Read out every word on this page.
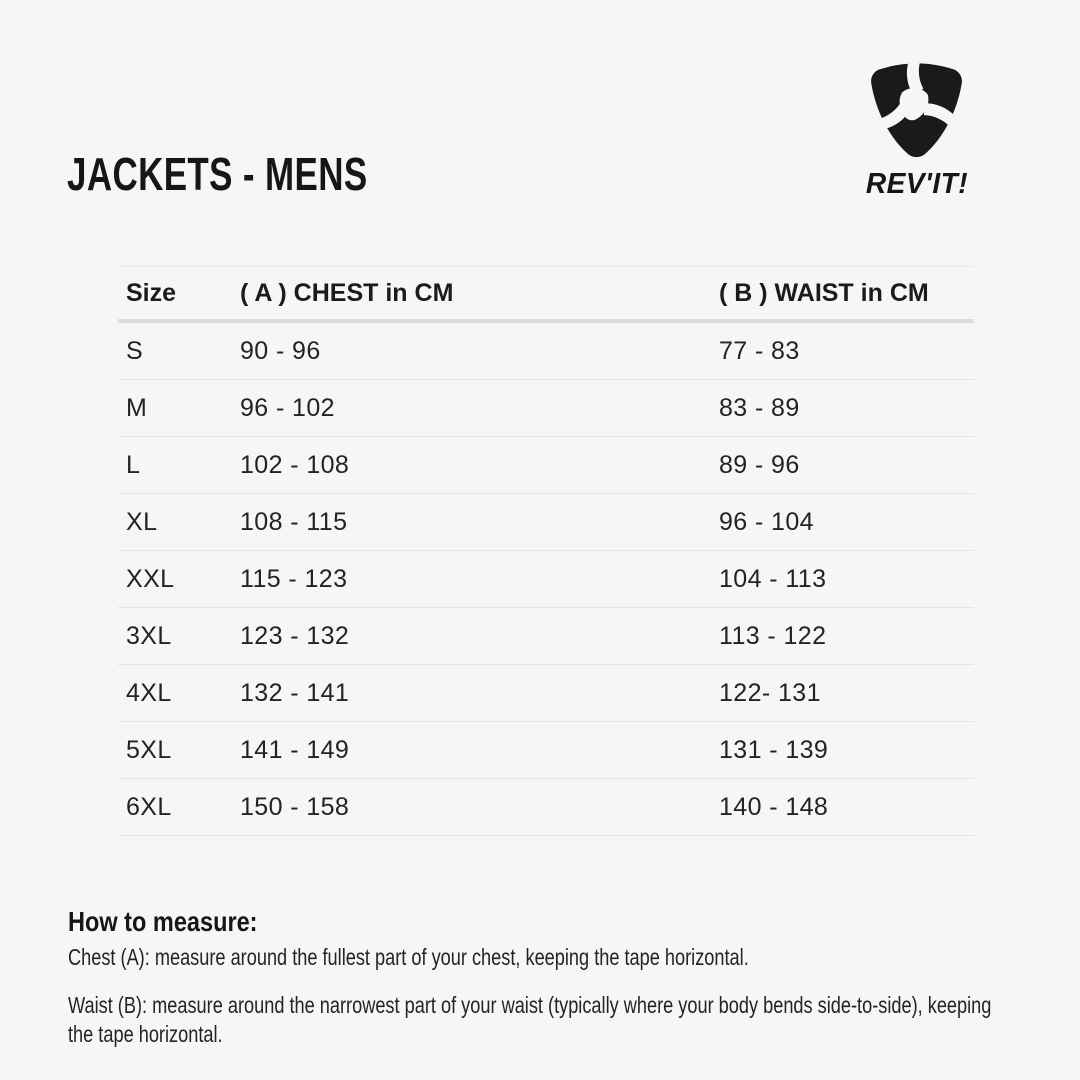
JACKETS - MENS	REV'IT!
Size	( A ) CHEST in CM	( B ) WAIST in CM
S	90 - 96	77 - 83
M	96 - 102	83 - 89
L	102 - 108	89 - 96
XL	108 - 115	96 - 104
XXL	115 - 123	104 - 113
3XL	123 - 132	113 - 122
4XL	132 - 141	122- 131
5XL	141 - 149	131 - 139
6XL	150 - 158	140 - 148
How to measure:
Chest (A): measure around the fullest part of your chest, keeping the tape horizontal.
Waist (B): measure around the narrowest part of your waist (typically where your body bends side-to-side), keeping
the tape horizontal.
